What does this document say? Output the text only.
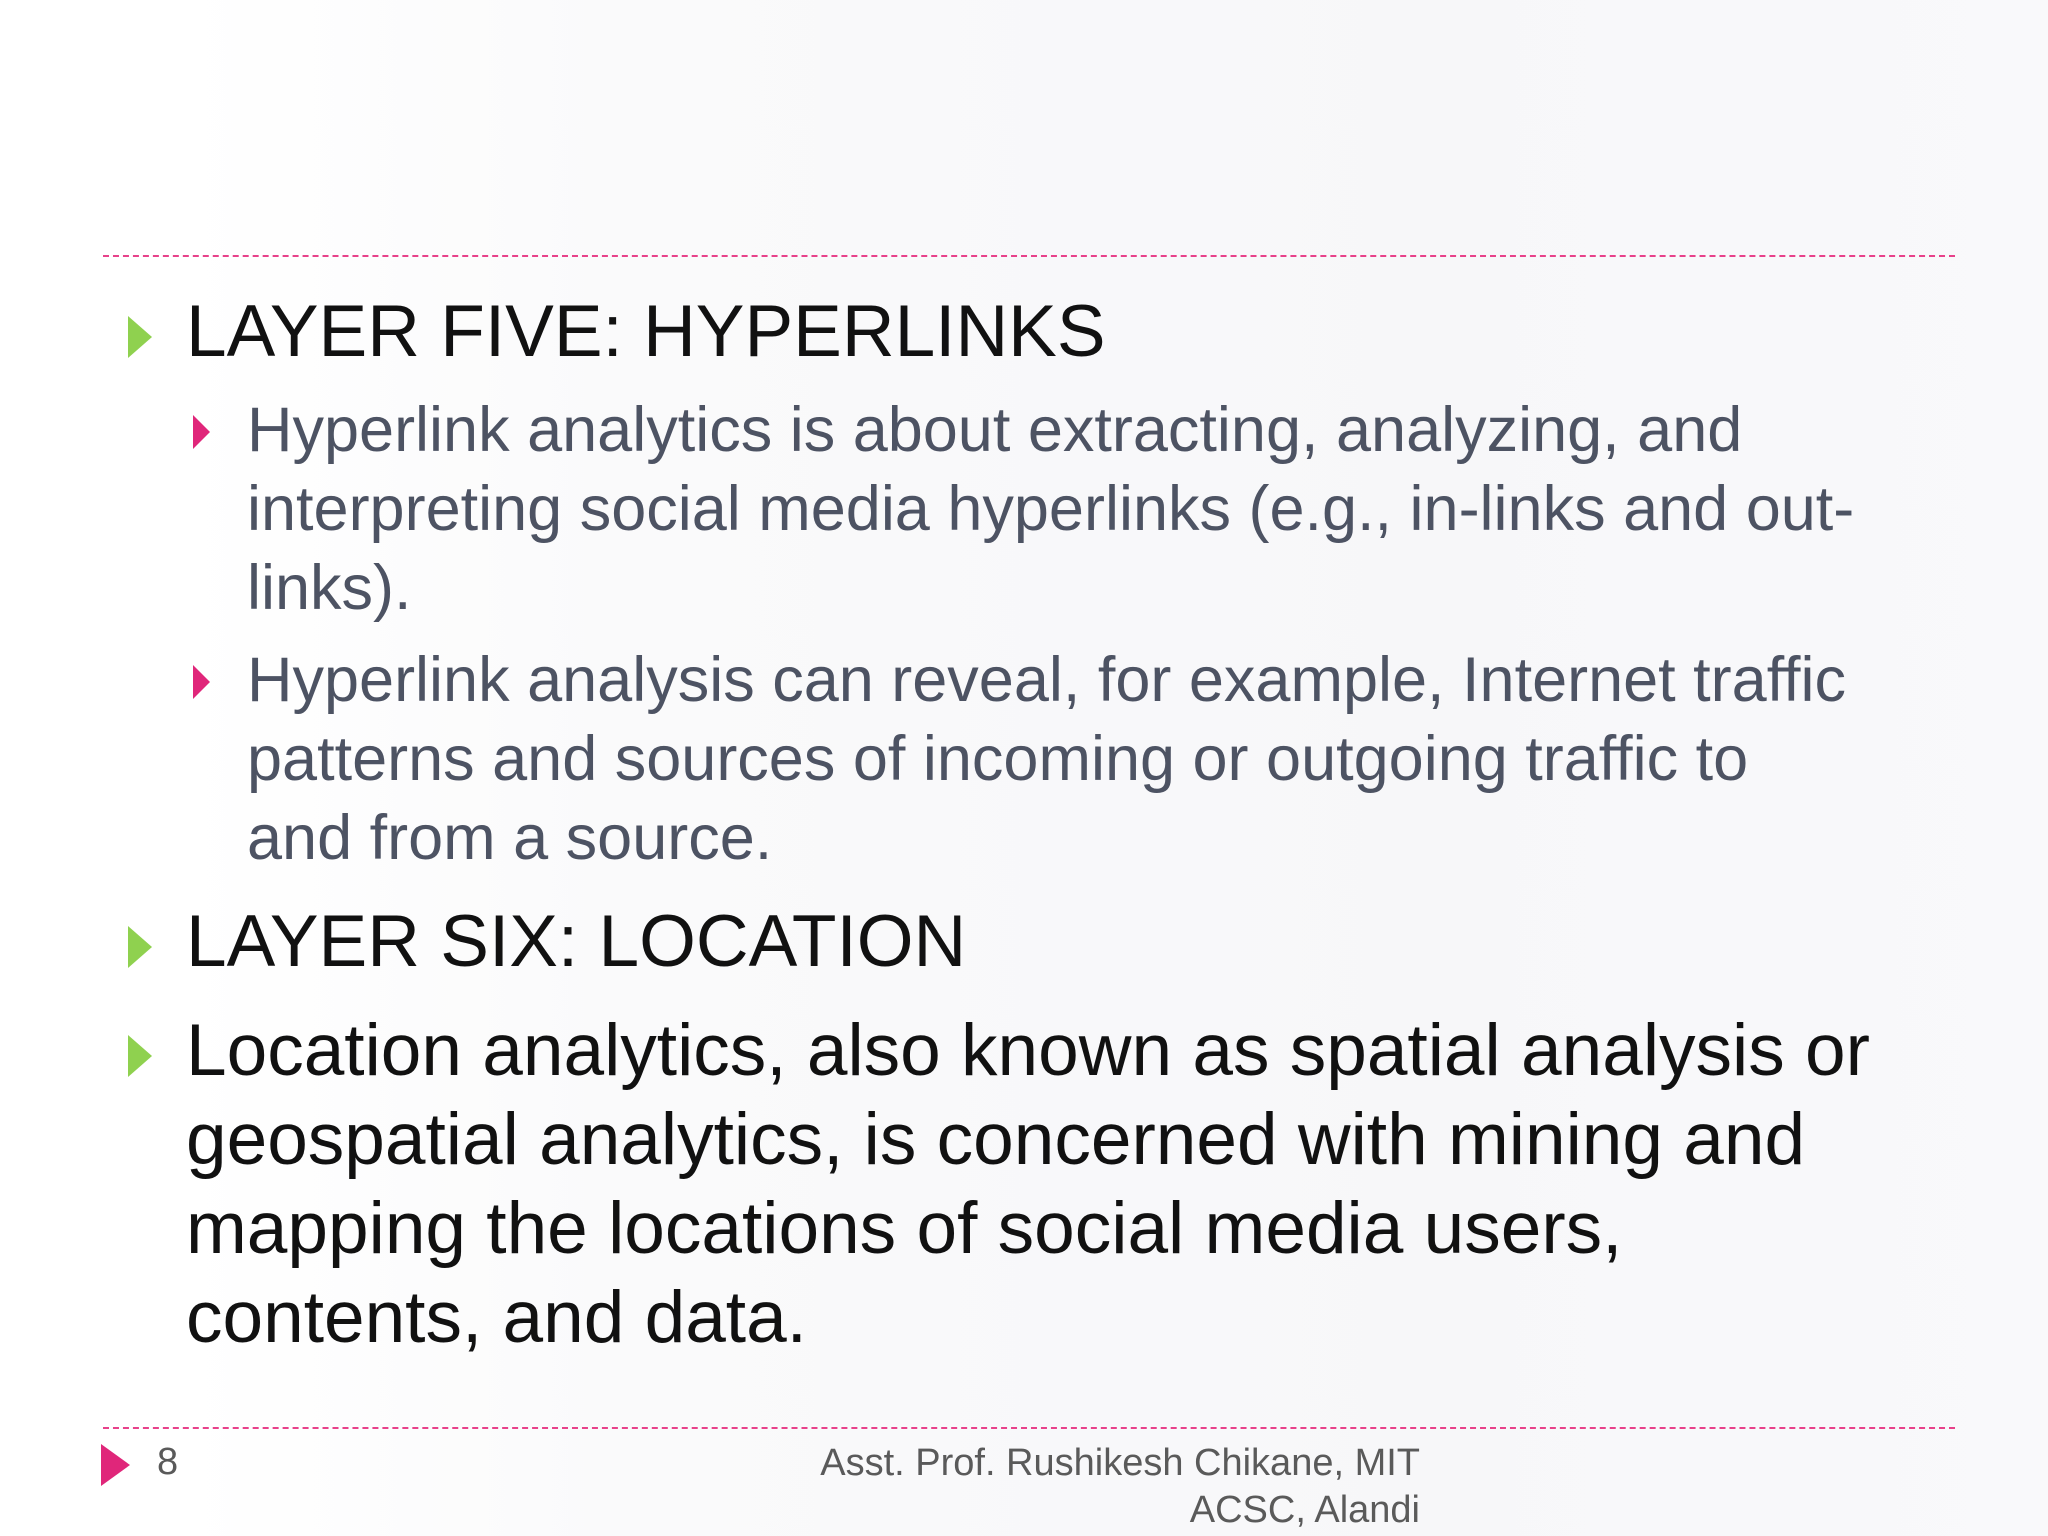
LAYER FIVE: HYPERLINKS
Hyperlink analytics is about extracting, analyzing, and
interpreting social media hyperlinks (e.g., in-links and out-
links).
Hyperlink analysis can reveal, for example, Internet traffic
patterns and sources of incoming or outgoing traffic to
and from a source.
LAYER SIX: LOCATION
Location analytics, also known as spatial analysis or
geospatial analytics, is concerned with mining and
mapping the locations of social media users,
contents, and data.
8	Asst. Prof. Rushikesh Chikane, MIT
ACSC, Alandi
